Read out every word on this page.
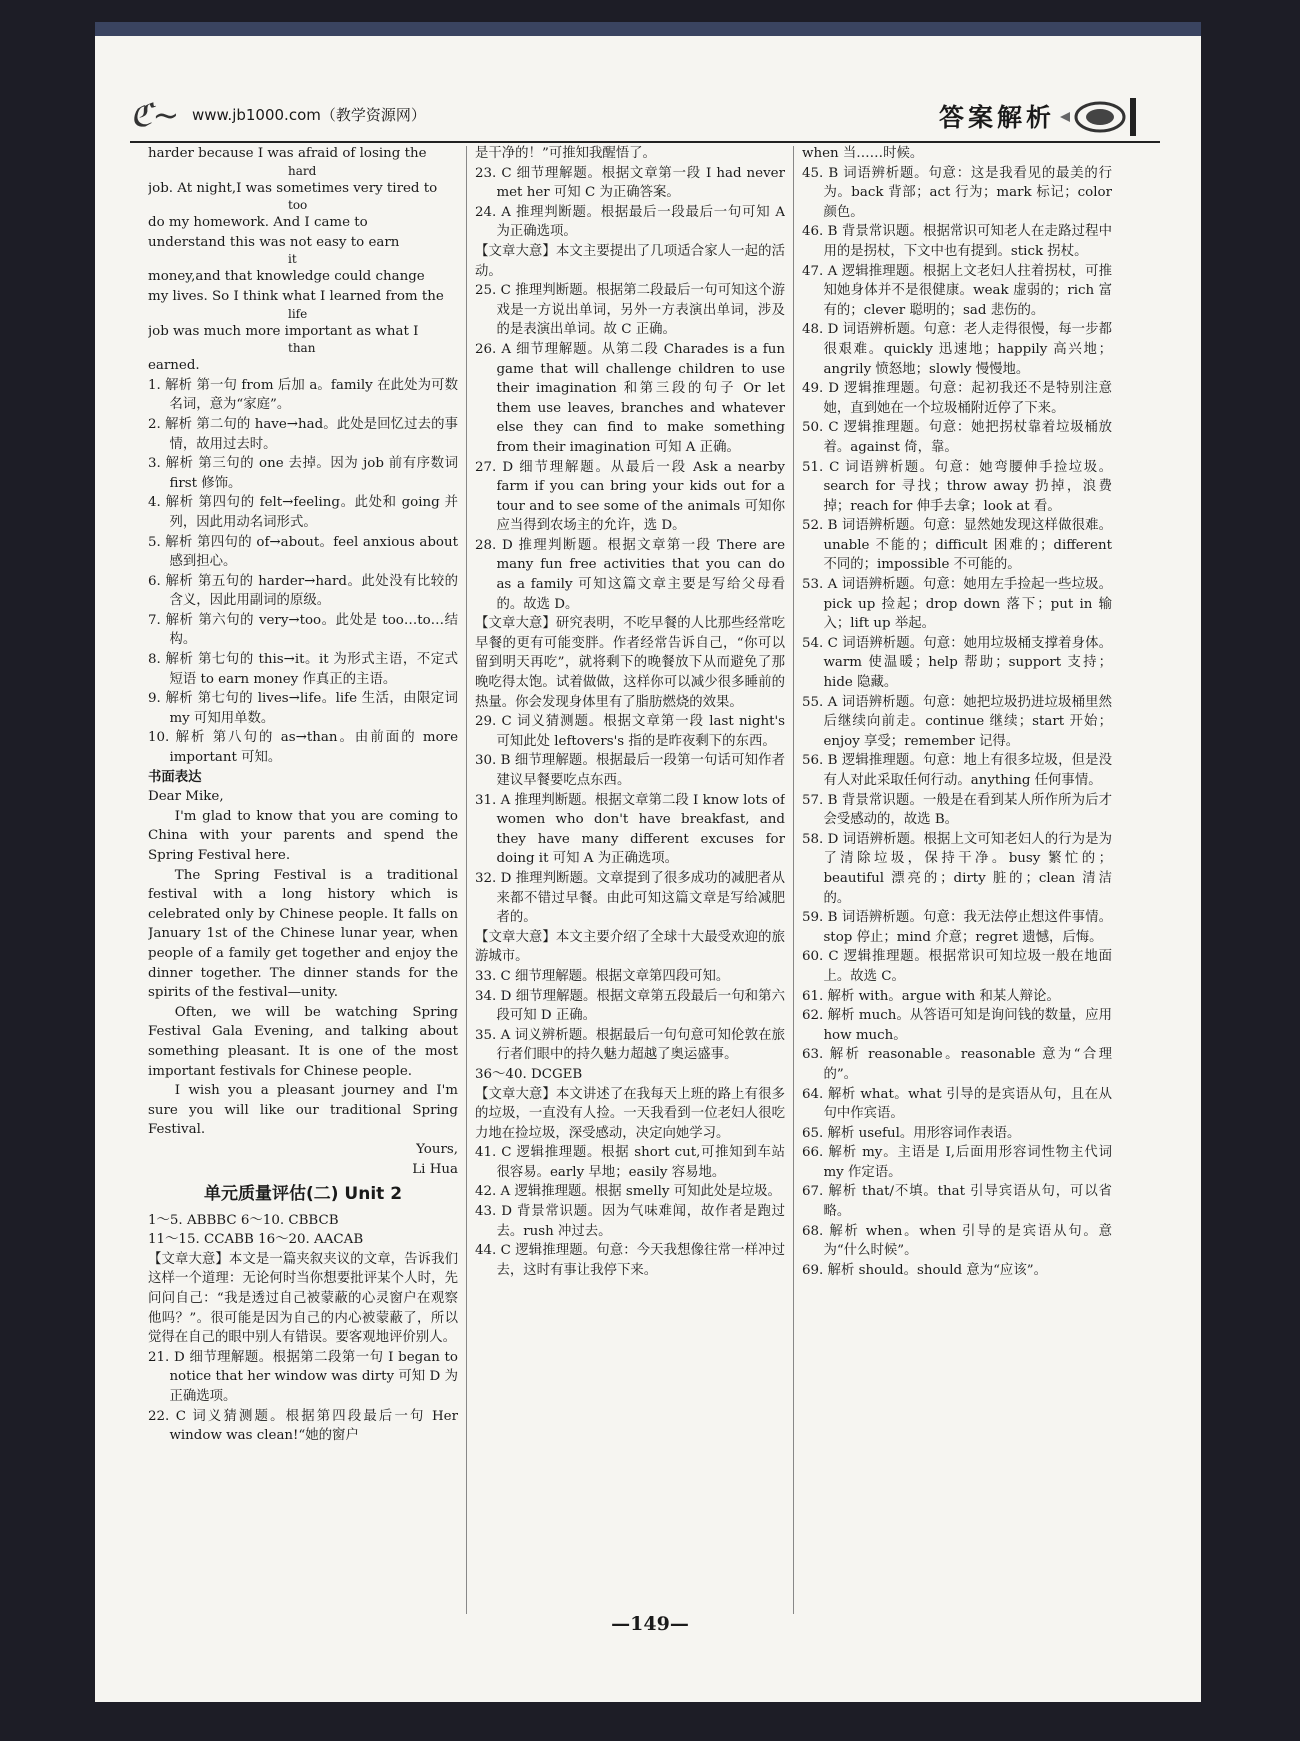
ℭ~ www.jb1000.com（教学资源网）	答案解析

harder because I was afraid of losing the

hard

job. At night,I was sometimes very tired to

too

do my homework. And I came to

understand this was not easy to earn

it

money,and that knowledge could change

my lives. So I think what I learned from the

life

job was much more important as what I

than

earned.

1. 解析 第一句 from 后加 a。family 在此处为可数名词，意为“家庭”。

2. 解析 第二句的 have→had。此处是回忆过去的事情，故用过去时。

3. 解析 第三句的 one 去掉。因为 job 前有序数词 first 修饰。

4. 解析 第四句的 felt→feeling。此处和 going 并列，因此用动名词形式。

5. 解析 第四句的 of→about。feel anxious about 感到担心。

6. 解析 第五句的 harder→hard。此处没有比较的含义，因此用副词的原级。

7. 解析 第六句的 very→too。此处是 too…to…结构。

8. 解析 第七句的 this→it。it 为形式主语，不定式短语 to earn money 作真正的主语。

9. 解析 第七句的 lives→life。life 生活，由限定词 my 可知用单数。

10. 解析 第八句的 as→than。由前面的 more important 可知。

书面表达

Dear Mike,

I'm glad to know that you are coming to China with your parents and spend the Spring Festival here.

The Spring Festival is a traditional festival with a long history which is celebrated only by Chinese people. It falls on January 1st of the Chinese lunar year, when people of a family get together and enjoy the dinner together. The dinner stands for the spirits of the festival—unity.

Often, we will be watching Spring Festival Gala Evening, and talking about something pleasant. It is one of the most important festivals for Chinese people.

I wish you a pleasant journey and I'm sure you will like our traditional Spring Festival.

Yours,

Li Hua

单元质量评估(二) Unit 2

1～5. ABBBC 6～10. CBBCB

11～15. CCABB 16～20. AACAB

【文章大意】本文是一篇夹叙夹议的文章，告诉我们这样一个道理：无论何时当你想要批评某个人时，先问问自己：“我是透过自己被蒙蔽的心灵窗户在观察他吗？”。很可能是因为自己的内心被蒙蔽了，所以觉得在自己的眼中别人有错误。要客观地评价别人。

21. D 细节理解题。根据第二段第一句 I began to notice that her window was dirty 可知 D 为正确选项。

22. C 词义猜测题。根据第四段最后一句 Her window was clean!“她的窗户

是干净的！”可推知我醒悟了。

23. C 细节理解题。根据文章第一段 I had never met her 可知 C 为正确答案。

24. A 推理判断题。根据最后一段最后一句可知 A 为正确选项。

【文章大意】本文主要提出了几项适合家人一起的活动。

25. C 推理判断题。根据第二段最后一句可知这个游戏是一方说出单词，另外一方表演出单词，涉及的是表演出单词。故 C 正确。

26. A 细节理解题。从第二段 Charades is a fun game that will challenge children to use their imagination 和第三段的句子 Or let them use leaves, branches and whatever else they can find to make something from their imagination 可知 A 正确。

27. D 细节理解题。从最后一段 Ask a nearby farm if you can bring your kids out for a tour and to see some of the animals 可知你应当得到农场主的允许，选 D。

28. D 推理判断题。根据文章第一段 There are many fun free activities that you can do as a family 可知这篇文章主要是写给父母看的。故选 D。

【文章大意】研究表明，不吃早餐的人比那些经常吃早餐的更有可能变胖。作者经常告诉自己，“你可以留到明天再吃”，就将剩下的晚餐放下从而避免了那晚吃得太饱。试着做做，这样你可以减少很多睡前的热量。你会发现身体里有了脂肪燃烧的效果。

29. C 词义猜测题。根据文章第一段 last night's 可知此处 leftovers's 指的是昨夜剩下的东西。

30. B 细节理解题。根据最后一段第一句话可知作者建议早餐要吃点东西。

31. A 推理判断题。根据文章第二段 I know lots of women who don't have breakfast, and they have many different excuses for doing it 可知 A 为正确选项。

32. D 推理判断题。文章提到了很多成功的减肥者从来都不错过早餐。由此可知这篇文章是写给减肥者的。

【文章大意】本文主要介绍了全球十大最受欢迎的旅游城市。

33. C 细节理解题。根据文章第四段可知。

34. D 细节理解题。根据文章第五段最后一句和第六段可知 D 正确。

35. A 词义辨析题。根据最后一句句意可知伦敦在旅行者们眼中的持久魅力超越了奥运盛事。

36～40. DCGEB

【文章大意】本文讲述了在我每天上班的路上有很多的垃圾，一直没有人捡。一天我看到一位老妇人很吃力地在捡垃圾，深受感动，决定向她学习。

41. C 逻辑推理题。根据 short cut,可推知到车站很容易。early 早地；easily 容易地。

42. A 逻辑推理题。根据 smelly 可知此处是垃圾。

43. D 背景常识题。因为气味难闻，故作者是跑过去。rush 冲过去。

44. C 逻辑推理题。句意：今天我想像往常一样冲过去，这时有事让我停下来。

when 当……时候。

45. B 词语辨析题。句意：这是我看见的最美的行为。back 背部；act 行为；mark 标记；color 颜色。

46. B 背景常识题。根据常识可知老人在走路过程中用的是拐杖，下文中也有提到。stick 拐杖。

47. A 逻辑推理题。根据上文老妇人拄着拐杖，可推知她身体并不是很健康。weak 虚弱的；rich 富有的；clever 聪明的；sad 悲伤的。

48. D 词语辨析题。句意：老人走得很慢，每一步都很艰难。quickly 迅速地；happily 高兴地；angrily 愤怒地；slowly 慢慢地。

49. D 逻辑推理题。句意：起初我还不是特别注意她，直到她在一个垃圾桶附近停了下来。

50. C 逻辑推理题。句意：她把拐杖靠着垃圾桶放着。against 倚，靠。

51. C 词语辨析题。句意：她弯腰伸手捡垃圾。search for 寻找；throw away 扔掉，浪费掉；reach for 伸手去拿；look at 看。

52. B 词语辨析题。句意：显然她发现这样做很难。unable 不能的；difficult 困难的；different 不同的；impossible 不可能的。

53. A 词语辨析题。句意：她用左手捡起一些垃圾。pick up 捡起；drop down 落下；put in 输入；lift up 举起。

54. C 词语辨析题。句意：她用垃圾桶支撑着身体。warm 使温暖；help 帮助；support 支持；hide 隐藏。

55. A 词语辨析题。句意：她把垃圾扔进垃圾桶里然后继续向前走。continue 继续；start 开始；enjoy 享受；remember 记得。

56. B 逻辑推理题。句意：地上有很多垃圾，但是没有人对此采取任何行动。anything 任何事情。

57. B 背景常识题。一般是在看到某人所作所为后才会受感动的，故选 B。

58. D 词语辨析题。根据上文可知老妇人的行为是为了清除垃圾，保持干净。busy 繁忙的；beautiful 漂亮的；dirty 脏的；clean 清洁的。

59. B 词语辨析题。句意：我无法停止想这件事情。stop 停止；mind 介意；regret 遗憾，后悔。

60. C 逻辑推理题。根据常识可知垃圾一般在地面上。故选 C。

61. 解析 with。argue with 和某人辩论。

62. 解析 much。从答语可知是询问钱的数量，应用 how much。

63. 解析 reasonable。reasonable 意为“合理的”。

64. 解析 what。what 引导的是宾语从句，且在从句中作宾语。

65. 解析 useful。用形容词作表语。

66. 解析 my。主语是 I,后面用形容词性物主代词 my 作定语。

67. 解析 that/不填。that 引导宾语从句，可以省略。

68. 解析 when。when 引导的是宾语从句。意为“什么时候”。

69. 解析 should。should 意为“应该”。

—149—
